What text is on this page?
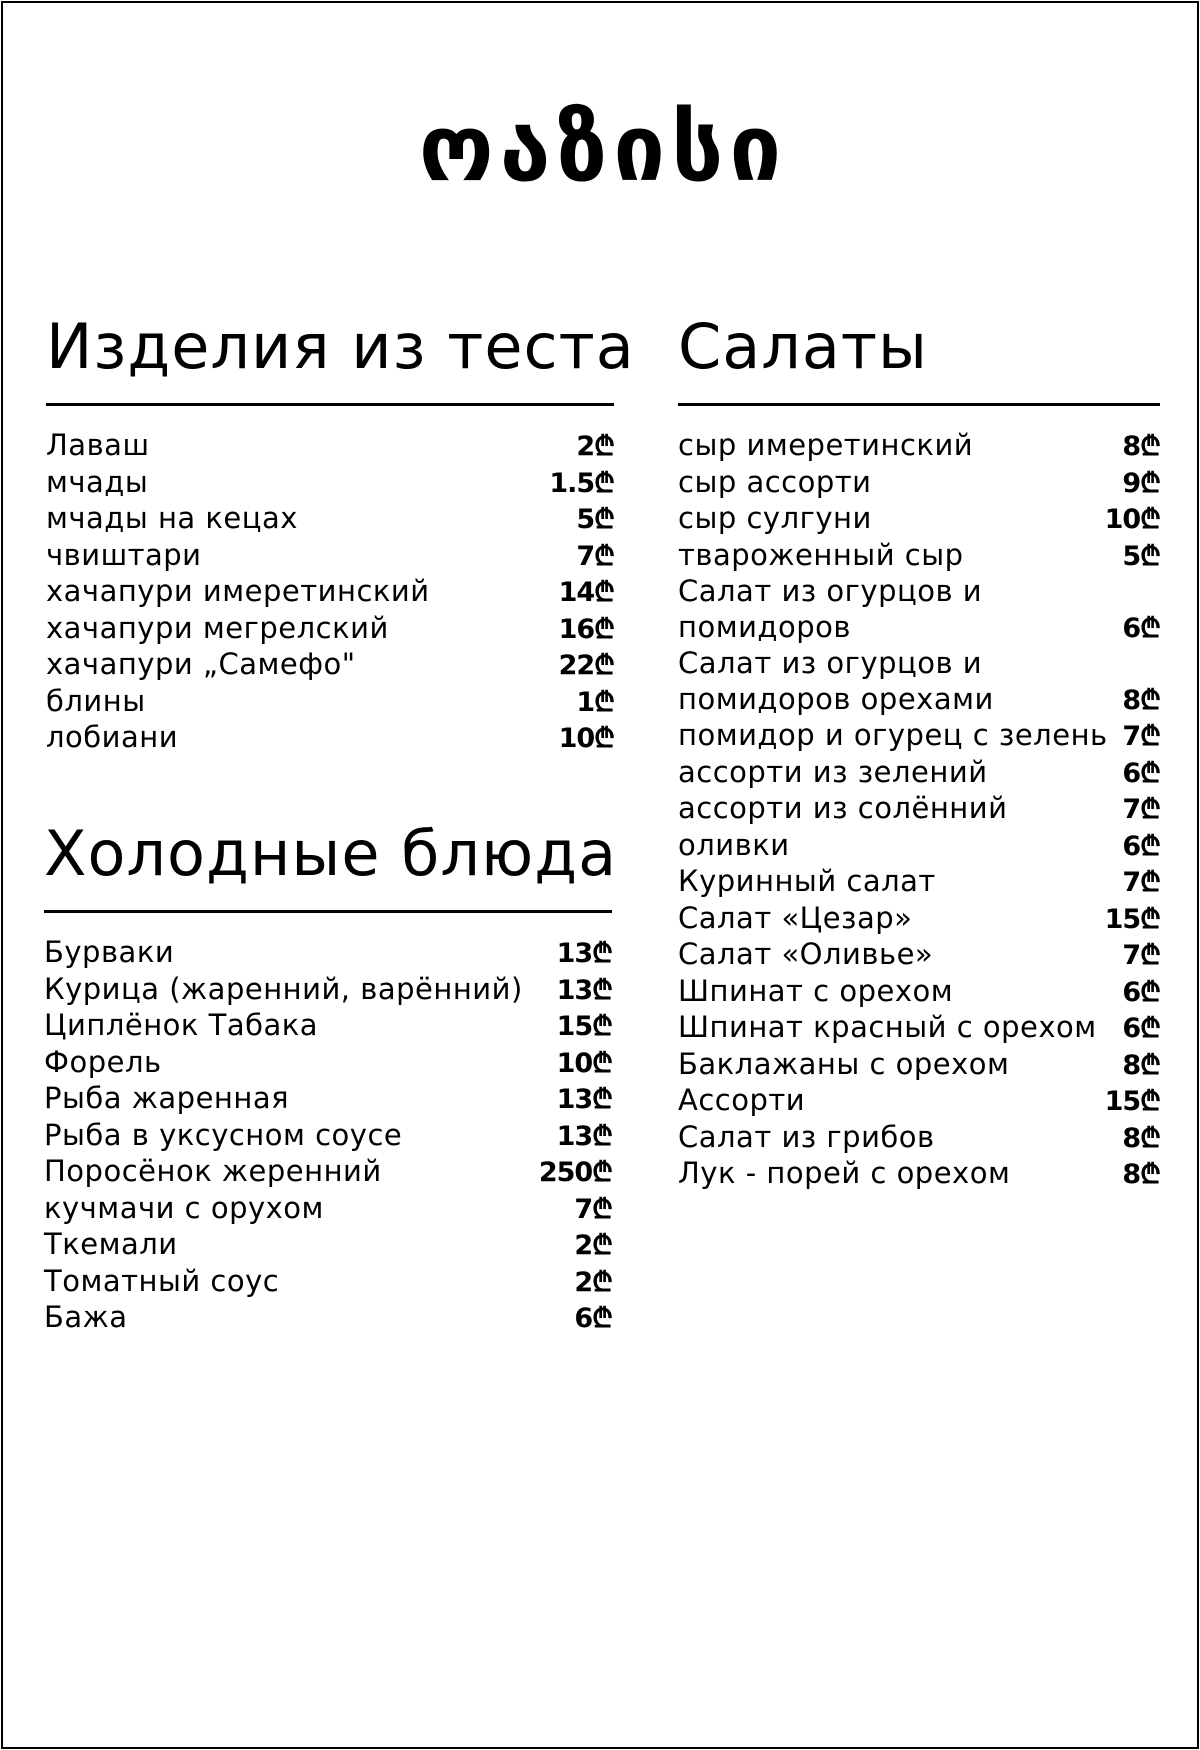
ოაზისი
Изделия из теста
Лаваш	2₾
мчады	1.5₾
мчады на кецах	5₾
чвиштари	7₾
хачапури имеретинский	14₾
хачапури мегрелский	16₾
хачапури „Самефо"	22₾
блины	1₾
лобиани	10₾
Холодные блюда
Бурваки	13₾
Курица (жаренний, варённий) 13₾
Циплёнок Табака	15₾
Форель	10₾
Рыба жаренная	13₾
Рыба в уксусном соусе	13₾
Поросёнок жеренний	250₾
кучмачи с орухом	7₾
Ткемали	2₾
Томатный соус	2₾
Бажа	6₾
Салаты
сыр имеретинский	8₾
сыр ассорти	9₾
сыр сулгуни	10₾
твароженный сыр	5₾
Салат из огурцов и
помидоров	6₾
Салат из огурцов и
помидоров орехами	8₾
помидор и огурец с зелень 7₾
ассорти из зелений	6₾
ассорти из солённий	7₾
оливки	6₾
Куринный салат	7₾
Салат «Цезар»	15₾
Салат «Оливье»	7₾
Шпинат с орехом	6₾
Шпинат красный с орехом 6₾
Баклажаны с орехом	8₾
Ассорти	15₾
Салат из грибов	8₾
Лук - порей с орехом	8₾
